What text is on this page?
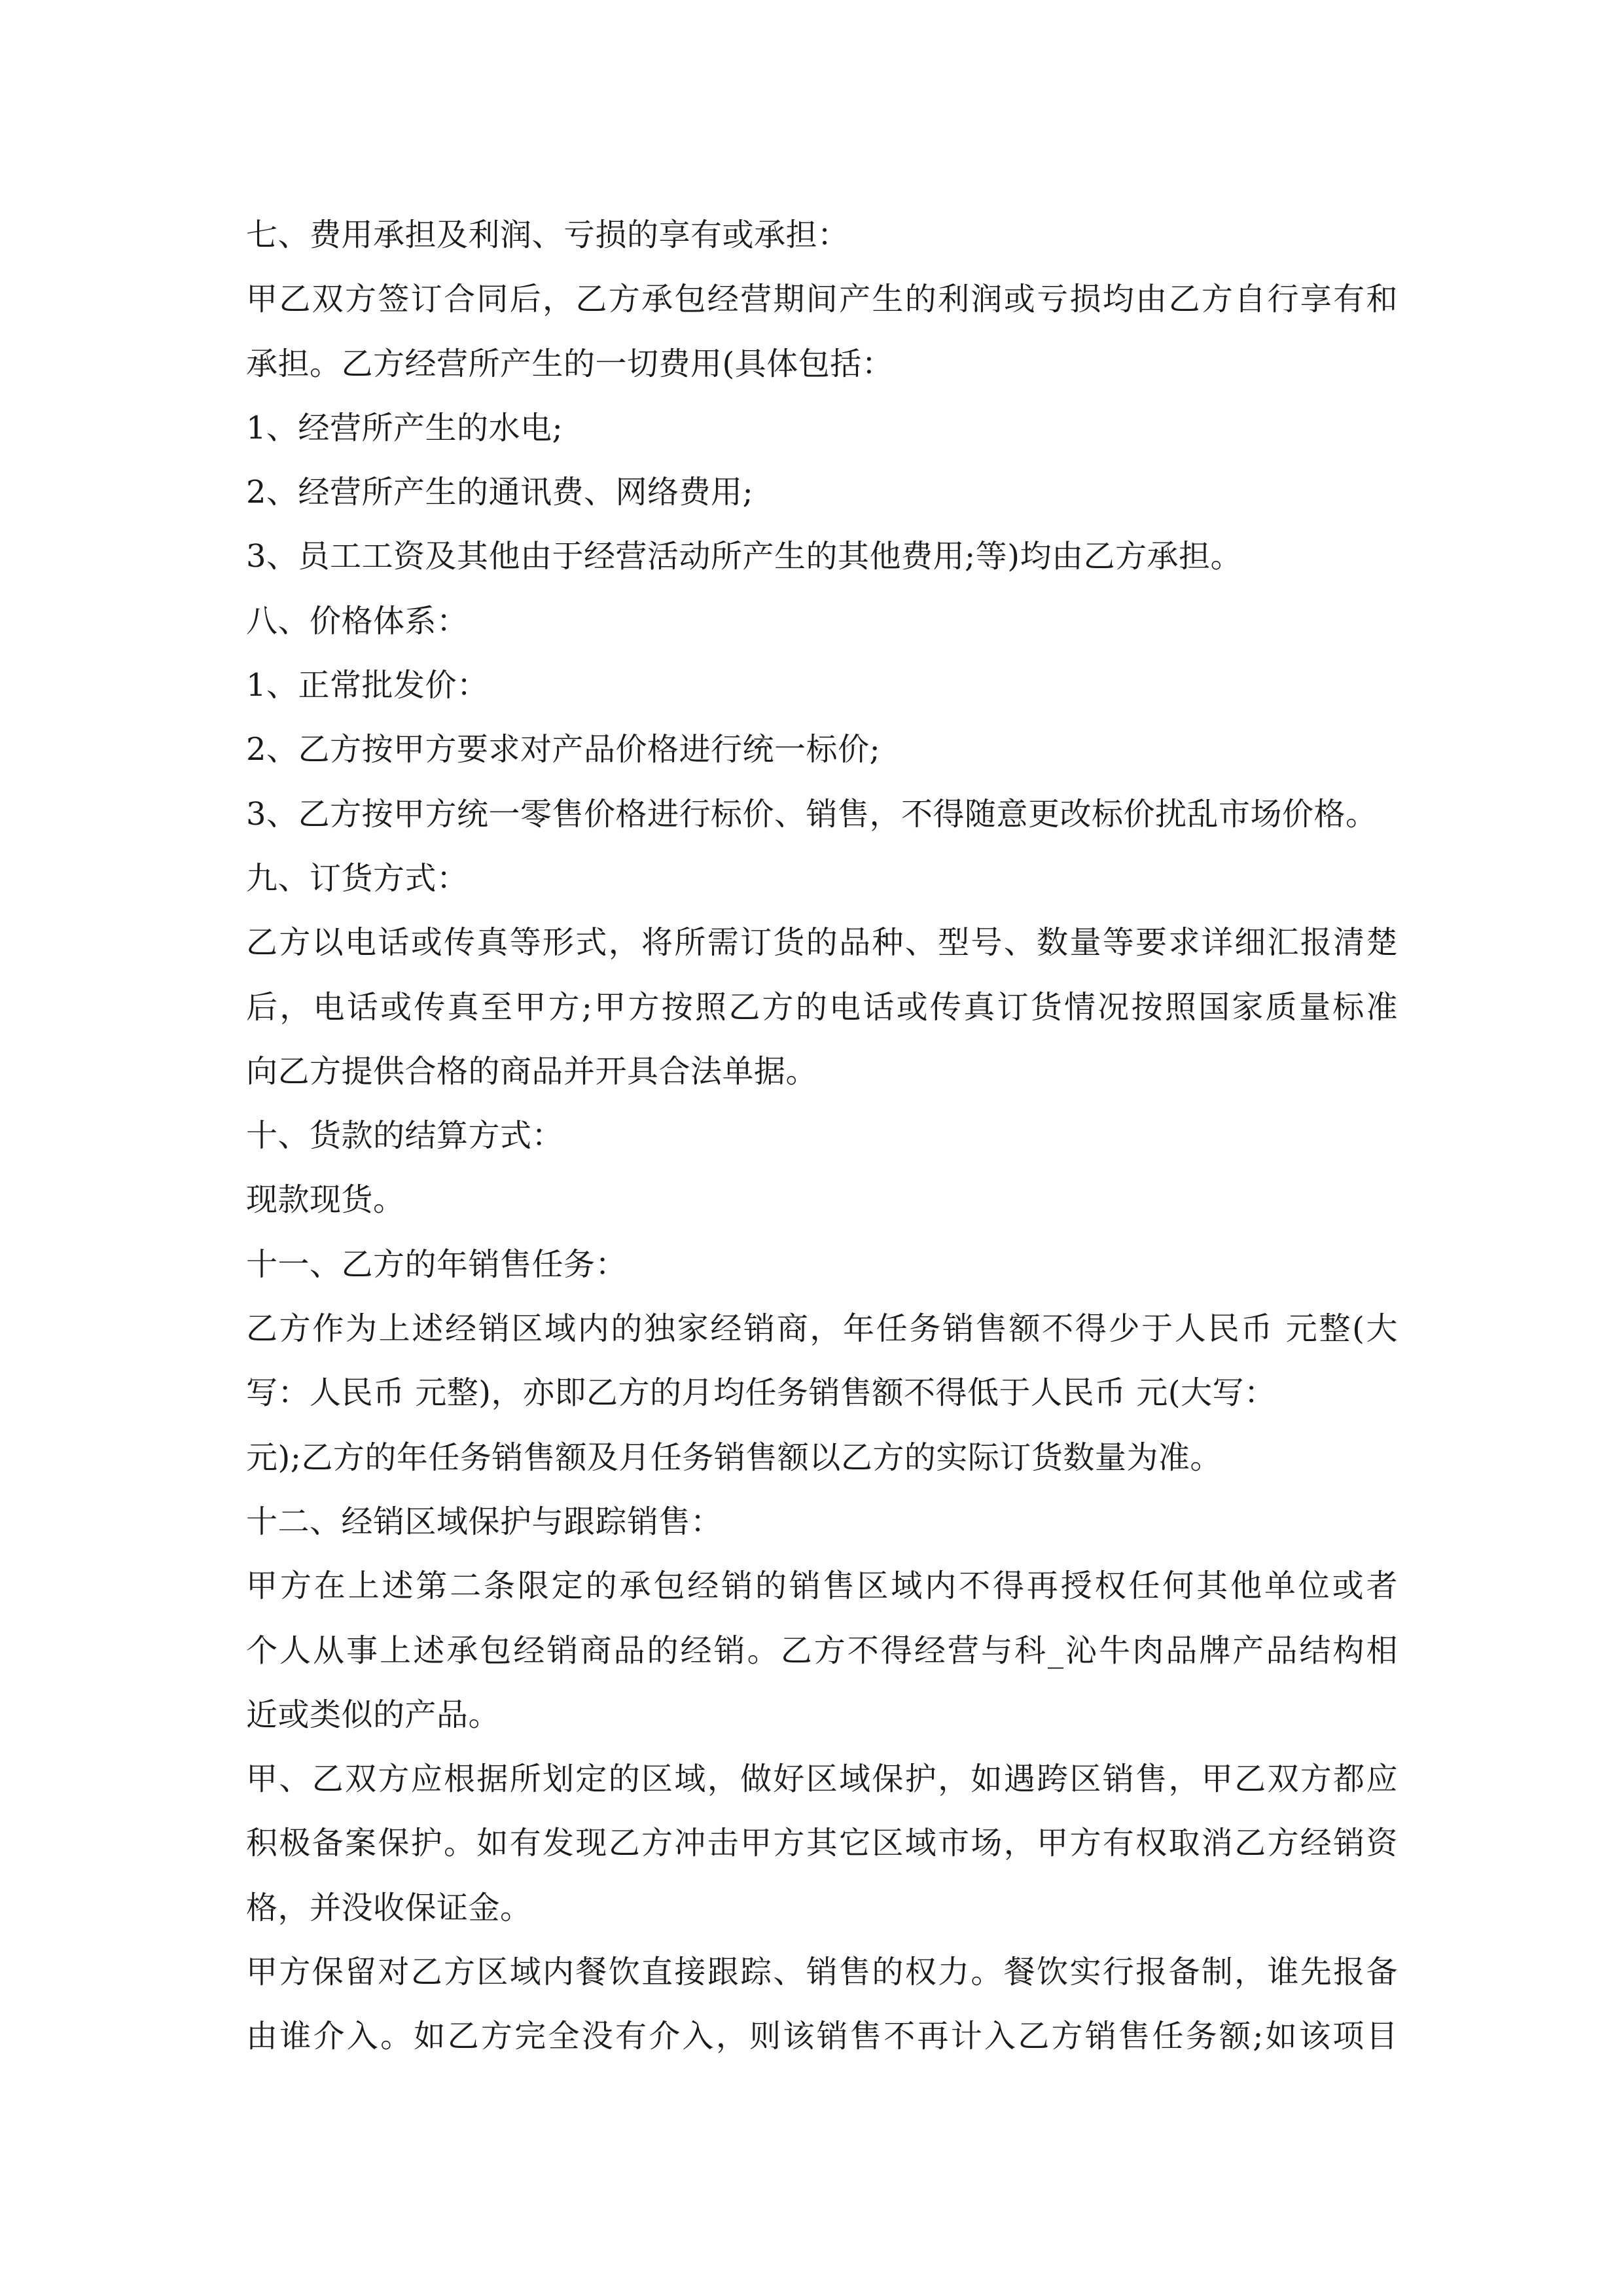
七、费用承担及利润、亏损的享有或承担：
甲乙双方签订合同后，乙方承包经营期间产生的利润或亏损均由乙方自行享有和
承担。乙方经营所产生的一切费用(具体包括：
1、经营所产生的水电;
2、经营所产生的通讯费、网络费用;
3、员工工资及其他由于经营活动所产生的其他费用;等)均由乙方承担。
八、价格体系：
1、正常批发价：
2、乙方按甲方要求对产品价格进行统一标价;
3、乙方按甲方统一零售价格进行标价、销售，不得随意更改标价扰乱市场价格。
九、订货方式：
乙方以电话或传真等形式，将所需订货的品种、型号、数量等要求详细汇报清楚
后，电话或传真至甲方;甲方按照乙方的电话或传真订货情况按照国家质量标准
向乙方提供合格的商品并开具合法单据。
十、货款的结算方式：
现款现货。
十一、乙方的年销售任务：
乙方作为上述经销区域内的独家经销商，年任务销售额不得少于人民币 元整(大
写：人民币 元整)，亦即乙方的月均任务销售额不得低于人民币 元(大写：
元);乙方的年任务销售额及月任务销售额以乙方的实际订货数量为准。
十二、经销区域保护与跟踪销售：
甲方在上述第二条限定的承包经销的销售区域内不得再授权任何其他单位或者
个人从事上述承包经销商品的经销。乙方不得经营与科_沁牛肉品牌产品结构相
近或类似的产品。
甲、乙双方应根据所划定的区域，做好区域保护，如遇跨区销售，甲乙双方都应
积极备案保护。如有发现乙方冲击甲方其它区域市场，甲方有权取消乙方经销资
格，并没收保证金。
甲方保留对乙方区域内餐饮直接跟踪、销售的权力。餐饮实行报备制，谁先报备
由谁介入。如乙方完全没有介入，则该销售不再计入乙方销售任务额;如该项目
